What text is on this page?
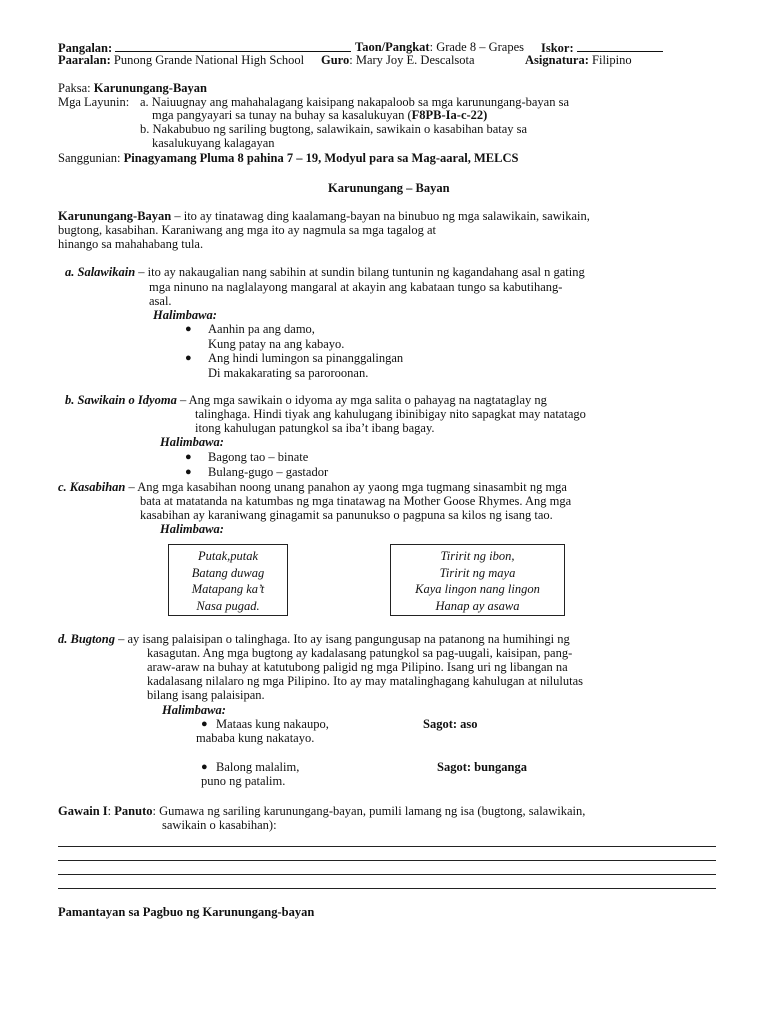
Pangalan:	Taon/Pangkat: Grade 8 – Grapes Iskor:
Paaralan: Punong Grande National High School Guro: Mary Joy E. Descalsota	Asignatura: Filipino
Paksa: Karunungang-Bayan
Mga Layunin: a. Naiuugnay ang mahahalagang kaisipang nakapaloob sa mga karunungang-bayan sa
mga pangyayari sa tunay na buhay sa kasalukuyan (F8PB-Ia-c-22)
b. Nakabubuo ng sariling bugtong, salawikain, sawikain o kasabihan batay sa
kasalukuyang kalagayan
Sanggunian: Pinagyamang Pluma 8 pahina 7 – 19, Modyul para sa Mag-aaral, MELCS
Karunungang – Bayan
Karunungang-Bayan – ito ay tinatawag ding kaalamang-bayan na binubuo ng mga salawikain, sawikain,
bugtong, kasabihan. Karaniwang ang mga ito ay nagmula sa mga tagalog at
hinango sa mahahabang tula.
a. Salawikain – ito ay nakaugalian nang sabihin at sundin bilang tuntunin ng kagandahang asal n gating
mga ninuno na naglalayong mangaral at akayin ang kabataan tungo sa kabutihang-
asal.
Halimbawa:
● Aanhin pa ang damo,
Kung patay na ang kabayo.
● Ang hindi lumingon sa pinanggalingan
Di makakarating sa paroroonan.
b. Sawikain o Idyoma – Ang mga sawikain o idyoma ay mga salita o pahayag na nagtataglay ng
talinghaga. Hindi tiyak ang kahulugang ibinibigay nito sapagkat may natatago
itong kahulugan patungkol sa iba’t ibang bagay.
Halimbawa:
● Bagong tao – binate
● Bulang-gugo – gastador
c. Kasabihan – Ang mga kasabihan noong unang panahon ay yaong mga tugmang sinasambit ng mga
bata at matatanda na katumbas ng mga tinatawag na Mother Goose Rhymes. Ang mga
kasabihan ay karaniwang ginagamit sa panunukso o pagpuna sa kilos ng isang tao.
Halimbawa:
Putak,putak
Batang duwag
Matapang ka’t
Nasa pugad.
Tiririt ng ibon,
Tiririt ng maya
Kaya lingon nang lingon
Hanap ay asawa
d. Bugtong – ay isang palaisipan o talinghaga. Ito ay isang pangungusap na patanong na humihingi ng
kasagutan. Ang mga bugtong ay kadalasang patungkol sa pag-uugali, kaisipan, pang-
araw-araw na buhay at katutubong paligid ng mga Pilipino. Isang uri ng libangan na
kadalasang nilalaro ng mga Pilipino. Ito ay may matalinghagang kahulugan at nilulutas
bilang isang palaisipan.
Halimbawa:
● Mataas kung nakaupo,
mababa kung nakatayo.
Sagot: aso
● Balong malalim,
puno ng patalim.
Sagot: bunganga
Gawain I: Panuto: Gumawa ng sariling karunungang-bayan, pumili lamang ng isa (bugtong, salawikain,
sawikain o kasabihan):
Pamantayan sa Pagbuo ng Karunungang-bayan
